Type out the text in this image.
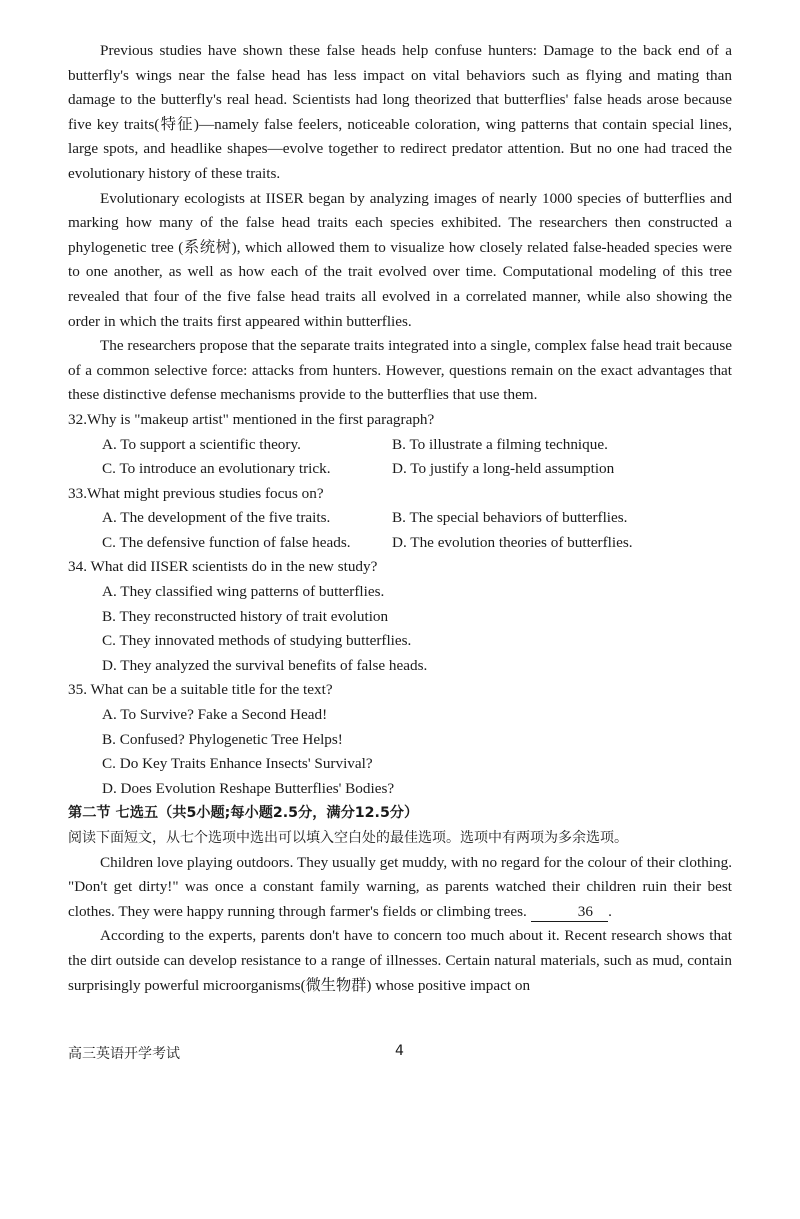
Previous studies have shown these false heads help confuse hunters: Damage to the back end of a butterfly's wings near the false head has less impact on vital behaviors such as flying and mating than damage to the butterfly's real head. Scientists had long theorized that butterflies' false heads arose because five key traits(特征)—namely false feelers, noticeable coloration, wing patterns that contain special lines, large spots, and headlike shapes—evolve together to redirect predator attention. But no one had traced the evolutionary history of these traits.

Evolutionary ecologists at IISER began by analyzing images of nearly 1000 species of butterflies and marking how many of the false head traits each species exhibited. The researchers then constructed a phylogenetic tree (系统树), which allowed them to visualize how closely related false-headed species were to one another, as well as how each of the trait evolved over time. Computational modeling of this tree revealed that four of the five false head traits all evolved in a correlated manner, while also showing the order in which the traits first appeared within butterflies.

The researchers propose that the separate traits integrated into a single, complex false head trait because of a common selective force: attacks from hunters. However, questions remain on the exact advantages that these distinctive defense mechanisms provide to the butterflies that use them.

32.Why is "makeup artist" mentioned in the first paragraph?

A. To support a scientific theory.	B. To illustrate a filming technique.
C. To introduce an evolutionary trick.	D. To justify a long-held assumption

33.What might previous studies focus on?

A. The development of the five traits.	B. The special behaviors of butterflies.
C. The defensive function of false heads.	D. The evolution theories of butterflies.

34. What did IISER scientists do in the new study?

A. They classified wing patterns of butterflies.

B. They reconstructed history of trait evolution

C. They innovated methods of studying butterflies.

D. They analyzed the survival benefits of false heads.

35. What can be a suitable title for the text?

A. To Survive? Fake a Second Head!

B. Confused? Phylogenetic Tree Helps!

C. Do Key Traits Enhance Insects' Survival?

D. Does Evolution Reshape Butterflies' Bodies?

第二节 七选五（共5小题;每小题2.5分，满分12.5分）

阅读下面短文，从七个选项中选出可以填入空白处的最佳选项。选项中有两项为多余选项。

Children love playing outdoors. They usually get muddy, with no regard for the colour of their clothing. "Don't get dirty!" was once a constant family warning, as parents watched their children ruin their best clothes. They were happy running through farmer's fields or climbing trees.	36 .

According to the experts, parents don't have to concern too much about it. Recent research shows that the dirt outside can develop resistance to a range of illnesses. Certain natural materials, such as mud, contain surprisingly powerful microorganisms(微生物群) whose positive impact on

高三英语开学考试	4
